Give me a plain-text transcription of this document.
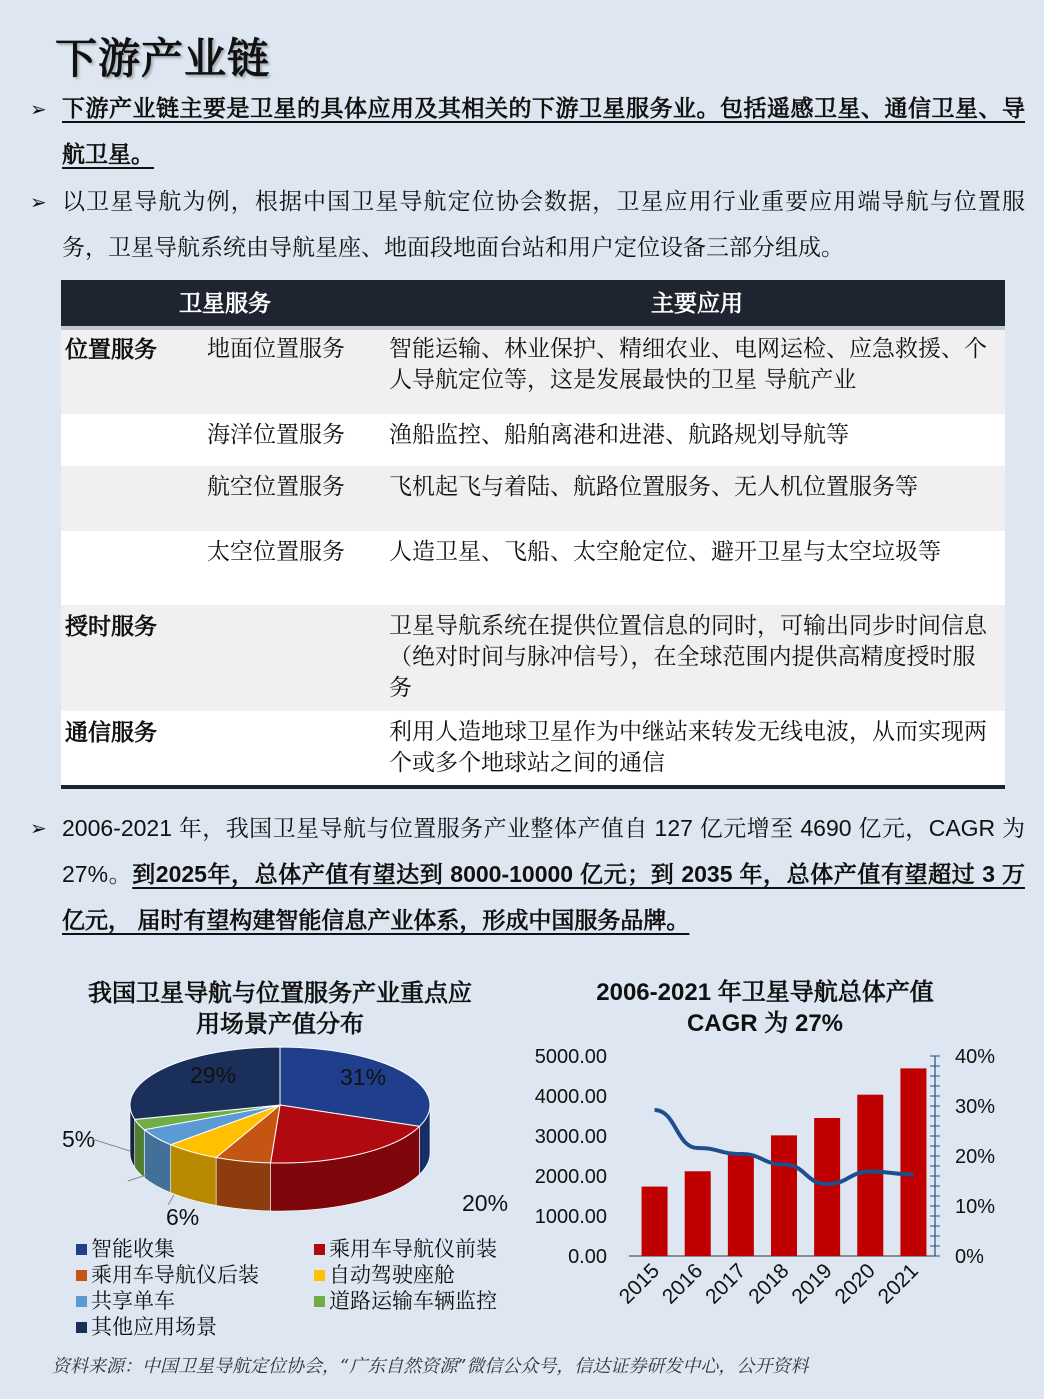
下游产业链
➢ 下游产业链主要是卫星的具体应用及其相关的下游卫星服务业。包括遥感卫星、通信卫星、导航卫星。
➢ 以卫星导航为例，根据中国卫星导航定位协会数据，卫星应用行业重要应用端导航与位置服务，卫星导航系统由导航星座、地面段地面台站和用户定位设备三部分组成。
卫星服务		主要应用
位置服务	地面位置服务	智能运输、林业保护、精细农业、电网运检、应急救援、个人导航定位等，这是发展最快的卫星 导航产业
	海洋位置服务	渔船监控、船舶离港和进港、航路规划导航等
	航空位置服务	飞机起飞与着陆、航路位置服务、无人机位置服务等
	太空位置服务	人造卫星、飞船、太空舱定位、避开卫星与太空垃圾等
授时服务		卫星导航系统在提供位置信息的同时，可输出同步时间信息（绝对时间与脉冲信号），在全球范围内提供高精度授时服务
通信服务		利用人造地球卫星作为中继站来转发无线电波，从而实现两个或多个地球站之间的通信
➢ 2006-2021 年，我国卫星导航与位置服务产业整体产值自 127 亿元增至 4690 亿元，CAGR 为 27%。到2025年，总体产值有望达到 8000-10000 亿元；到 2035 年，总体产值有望超过 3 万亿元， 届时有望构建智能信息产业体系，形成中国服务品牌。
我国卫星导航与位置服务产业重点应用场景产值分布
31%
20%
6%
5%
29%
智能收集	乘用车导航仪前装
乘用车导航仪后装	自动驾驶座舱
共享单车	道路运输车辆监控
其他应用场景
2006-2021 年卫星导航总体产值
CAGR 为 27%
0.00
1000.00
2000.00
3000.00
4000.00
5000.00
0%
10%
20%
30%
40%
2015
2016
2017
2018
2019
2020
2021
资料来源：中国卫星导航定位协会，“广东自然资源”微信公众号，信达证券研发中心，公开资料
